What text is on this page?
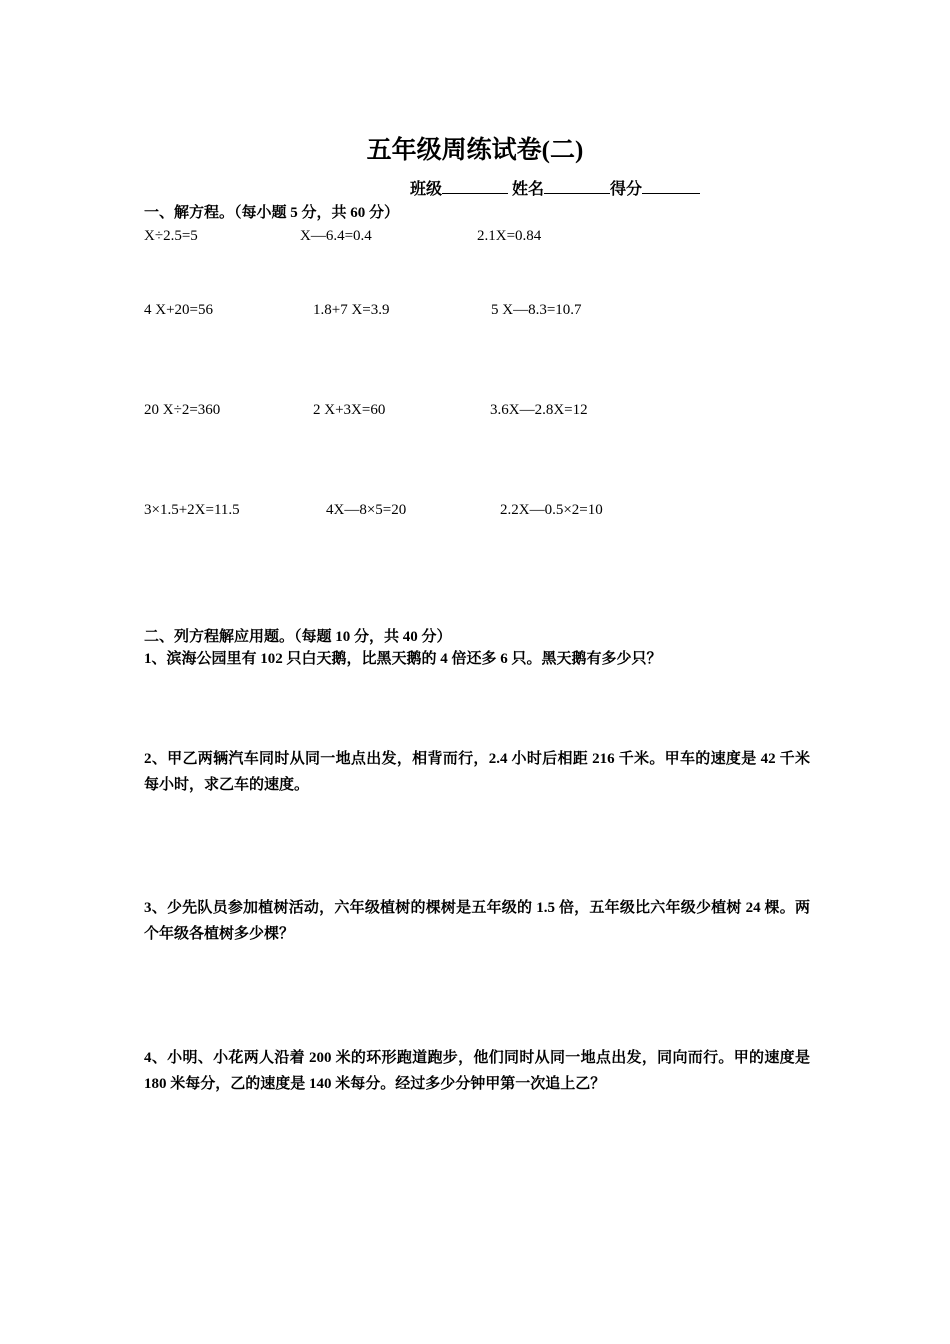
五年级周练试卷(二)
班级	姓名	得分
一、解方程。（每小题 5 分，共 60 分）
X÷2.5=5	X—6.4=0.4	2.1X=0.84
4 X+20=56	1.8+7 X=3.9	5 X—8.3=10.7
20 X÷2=360	2 X+3X=60	3.6X—2.8X=12
3×1.5+2X=11.5	4X—8×5=20	2.2X—0.5×2=10
二、列方程解应用题。（每题 10 分，共 40 分）
1、滨海公园里有 102 只白天鹅，比黑天鹅的 4 倍还多 6 只。黑天鹅有多少只？
2、甲乙两辆汽车同时从同一地点出发，相背而行，2.4 小时后相距 216 千米。甲车的速度是 42 千米每小时，求乙车的速度。
3、少先队员参加植树活动，六年级植树的棵树是五年级的 1.5 倍，五年级比六年级少植树 24 棵。两个年级各植树多少棵？
4、小明、小花两人沿着 200 米的环形跑道跑步，他们同时从同一地点出发，同向而行。甲的速度是 180 米每分，乙的速度是 140 米每分。经过多少分钟甲第一次追上乙？
